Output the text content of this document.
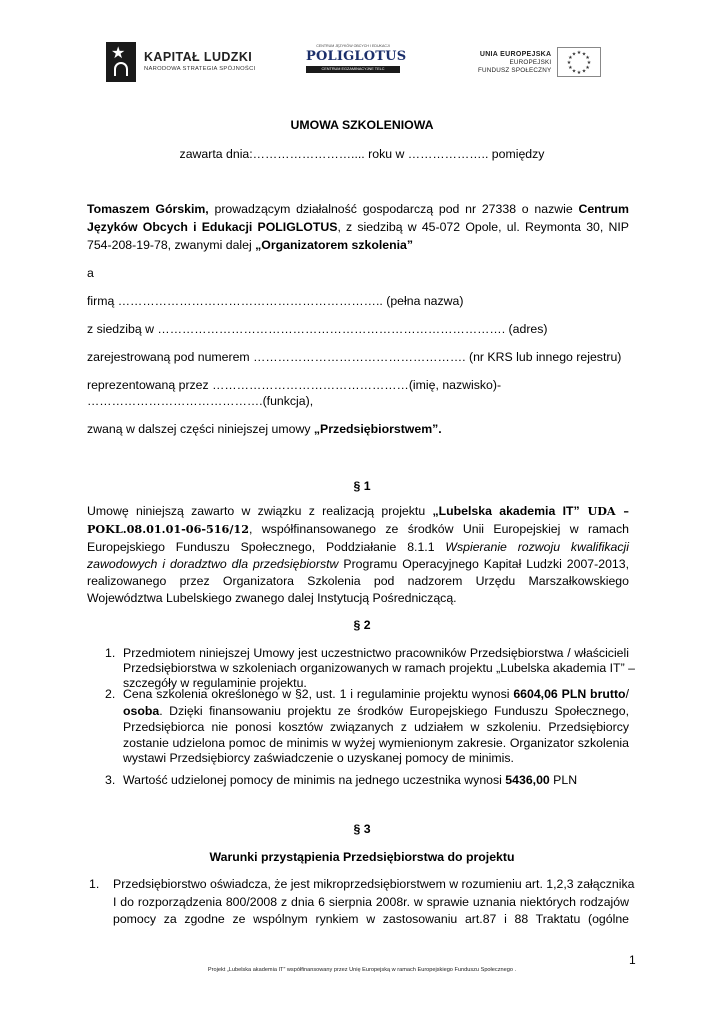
★ KAPITAŁ LUDZKI
NARODOWA STRATEGIA SPÓJNOŚCI
CENTRUM JĘZYKÓW OBCYCH I EDUKACJI
POLIGLOTUS
CENTRUM EGZAMINACYJNE TELC
UNIA EUROPEJSKA
EUROPEJSKI
FUNDUSZ SPOŁECZNY
★ ★
★
★
★
★
★
★
★
★
★
★
UMOWA SZKOLENIOWA
zawarta dnia:…………………….... roku w ……………….. pomiędzy
Tomaszem Górskim, prowadzącym działalność gospodarczą pod nr 27338 o nazwie Centrum
Języków Obcych i Edukacji POLIGLOTUS, z siedzibą w 45-072 Opole, ul. Reymonta 30, NIP
754-208-19-78, zwanymi dalej „Organizatorem szkolenia”
a
firmą ……………………………………………………….. (pełna nazwa)
z siedzibą w …………………………………………………………………………. (adres)
zarejestrowaną pod numerem ……………………………………………. (nr KRS lub innego rejestru)
reprezentowaną przez …………………………………………(imię, nazwisko)-
…………………………………….(funkcja),
zwaną w dalszej części niniejszej umowy „Przedsiębiorstwem”.
§ 1
Umowę niniejszą zawarto w związku z realizacją projektu „Lubelska akademia IT” UDA –
POKL.08.01.01-06-516/12, współfinansowanego ze środków Unii Europejskiej w ramach
Europejskiego Funduszu Społecznego, Poddziałanie 8.1.1 Wspieranie rozwoju kwalifikacji
zawodowych i doradztwo dla przedsiębiorstw Programu Operacyjnego Kapitał Ludzki 2007-2013,
realizowanego przez Organizatora Szkolenia pod nadzorem Urzędu Marszałkowskiego
Województwa Lubelskiego zwanego dalej Instytucją Pośredniczącą.
§ 2
1. Przedmiotem niniejszej Umowy jest uczestnictwo pracowników Przedsiębiorstwa / właścicieli
Przedsiębiorstwa w szkoleniach organizowanych w ramach projektu „Lubelska akademia IT” –
szczegóły w regulaminie projektu.
2. Cena szkolenia określonego w §2, ust. 1 i regulaminie projektu wynosi 6604,06 PLN brutto/
osoba. Dzięki finansowaniu projektu ze środków Europejskiego Funduszu Społecznego,
Przedsiębiorca nie ponosi kosztów związanych z udziałem w szkoleniu. Przedsiębiorcy
zostanie udzielona pomoc de minimis w wyżej wymienionym zakresie. Organizator szkolenia
wystawi Przedsiębiorcy zaświadczenie o uzyskanej pomocy de minimis.
3. Wartość udzielonej pomocy de minimis na jednego uczestnika wynosi 5436,00 PLN
§ 3
Warunki przystąpienia Przedsiębiorstwa do projektu
1. Przedsiębiorstwo oświadcza, że jest mikroprzedsiębiorstwem w rozumieniu art. 1,2,3 załącznika
I do rozporządzenia 800/2008 z dnia 6 sierpnia 2008r. w sprawie uznania niektórych rodzajów
pomocy za zgodne ze wspólnym rynkiem w zastosowaniu art.87 i 88 Traktatu (ogólne
1
Projekt „Lubelska akademia IT” współfinansowany przez Unię Europejską w ramach Europejskiego Funduszu Społecznego .
